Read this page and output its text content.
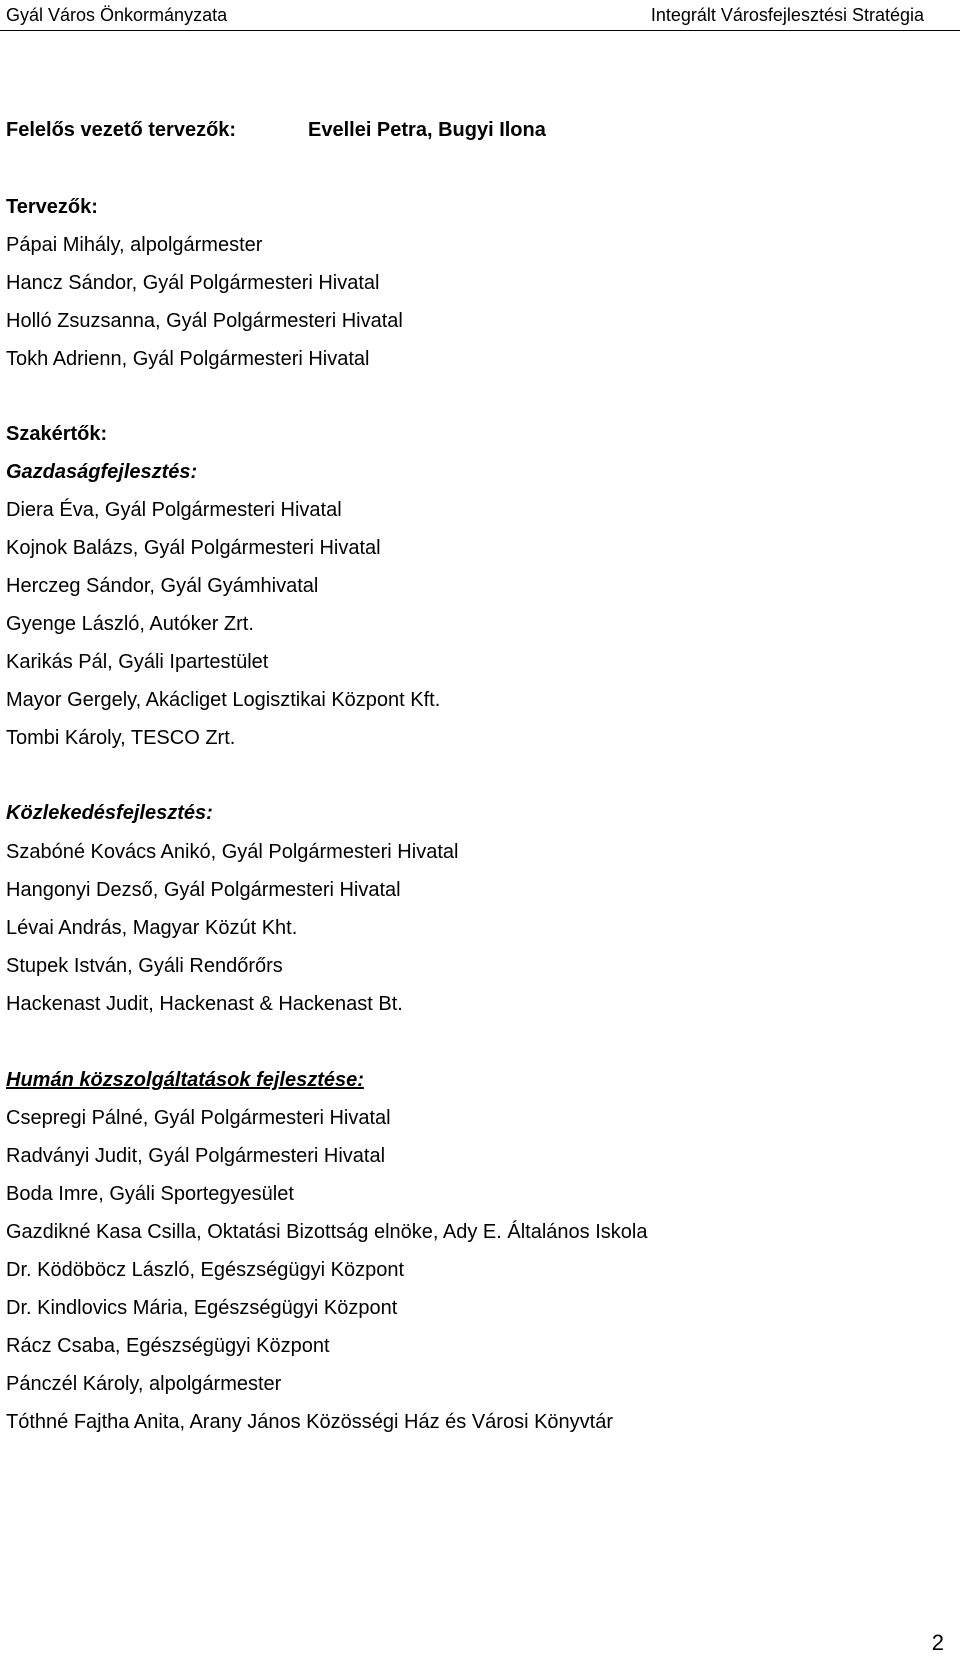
Gyál Város Önkormányzata	Integrált Városfejlesztési Stratégia
Felelős vezető tervezők:	Evellei Petra, Bugyi Ilona
Tervezők:
Pápai Mihály, alpolgármester
Hancz Sándor, Gyál Polgármesteri Hivatal
Holló Zsuzsanna, Gyál Polgármesteri Hivatal
Tokh Adrienn, Gyál Polgármesteri Hivatal
Szakértők:
Gazdaságfejlesztés:
Diera Éva, Gyál Polgármesteri Hivatal
Kojnok Balázs, Gyál Polgármesteri Hivatal
Herczeg Sándor, Gyál Gyámhivatal
Gyenge László, Autóker Zrt.
Karikás Pál, Gyáli Ipartestület
Mayor Gergely, Akácliget Logisztikai Központ Kft.
Tombi Károly, TESCO Zrt.
Közlekedésfejlesztés:
Szabóné Kovács Anikó, Gyál Polgármesteri Hivatal
Hangonyi Dezső, Gyál Polgármesteri Hivatal
Lévai András, Magyar Közút Kht.
Stupek István, Gyáli Rendőrőrs
Hackenast Judit, Hackenast & Hackenast Bt.
Humán közszolgáltatások fejlesztése:
Csepregi Pálné, Gyál Polgármesteri Hivatal
Radványi Judit, Gyál Polgármesteri Hivatal
Boda Imre, Gyáli Sportegyesület
Gazdikné Kasa Csilla, Oktatási Bizottság elnöke, Ady E. Általános Iskola
Dr. Ködöböcz László, Egészségügyi Központ
Dr. Kindlovics Mária, Egészségügyi Központ
Rácz Csaba, Egészségügyi Központ
Pánczél Károly, alpolgármester
Tóthné Fajtha Anita, Arany János Közösségi Ház és Városi Könyvtár
2
